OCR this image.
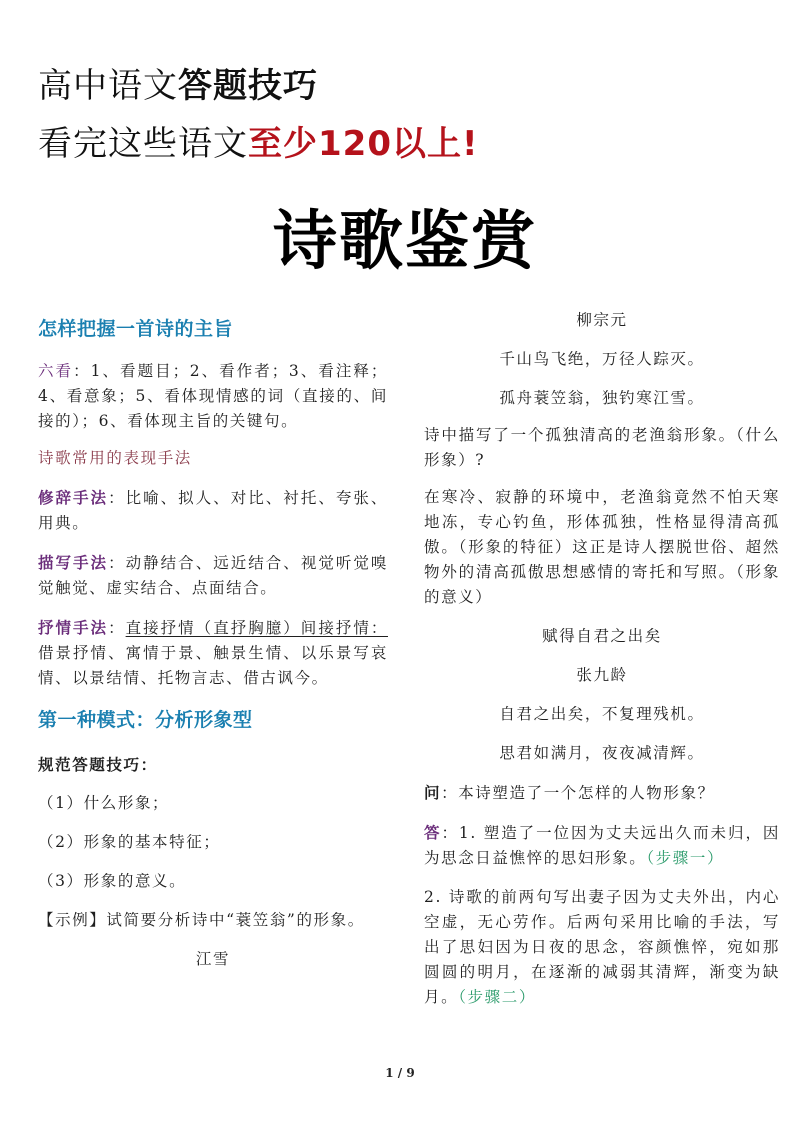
高中语文答题技巧
看完这些语文至少120以上!
诗歌鉴赏
怎样把握一首诗的主旨

六看：1、看题目；2、看作者；3、看注释；4、看意象；5、看体现情感的词（直接的、间接的）；6、看体现主旨的关键句。

诗歌常用的表现手法

修辞手法：比喻、拟人、对比、衬托、夸张、用典。

描写手法：动静结合、远近结合、视觉听觉嗅觉触觉、虚实结合、点面结合。

抒情手法：直接抒情（直抒胸臆）间接抒情：借景抒情、寓情于景、触景生情、以乐景写哀情、以景结情、托物言志、借古讽今。

第一种模式：分析形象型

规范答题技巧：

（1）什么形象；

（2）形象的基本特征；

（3）形象的意义。

【示例】试简要分析诗中“蓑笠翁”的形象。

江雪

柳宗元

千山鸟飞绝，万径人踪灭。

孤舟蓑笠翁，独钓寒江雪。

诗中描写了一个孤独清高的老渔翁形象。（什么形象）?

在寒冷、寂静的环境中，老渔翁竟然不怕天寒地冻，专心钓鱼，形体孤独，性格显得清高孤傲。（形象的特征）这正是诗人摆脱世俗、超然物外的清高孤傲思想感情的寄托和写照。（形象的意义）

赋得自君之出矣

张九龄

自君之出矣，不复理残机。

思君如满月，夜夜减清辉。

问：本诗塑造了一个怎样的人物形象？

答：1. 塑造了一位因为丈夫远出久而未归，因为思念日益憔悴的思妇形象。（步骤一）

2. 诗歌的前两句写出妻子因为丈夫外出，内心空虚，无心劳作。后两句采用比喻的手法，写出了思妇因为日夜的思念，容颜憔悴，宛如那圆圆的明月，在逐渐的减弱其清辉，渐变为缺月。（步骤二）

1 / 9
